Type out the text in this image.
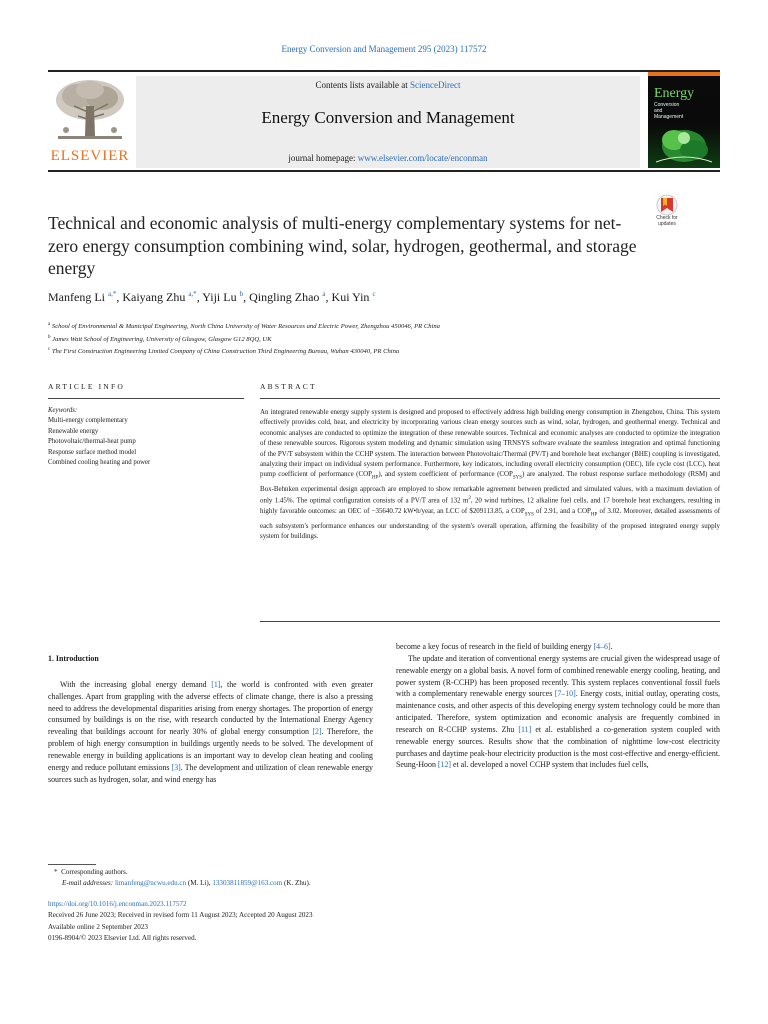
Energy Conversion and Management 295 (2023) 117572
ELSEVIER
Contents lists available at ScienceDirect
Energy Conversion and Management
journal homepage: www.elsevier.com/locate/enconman
Energy
Conversion
and
Management
Check for
updates
Technical and economic analysis of multi-energy complementary systems for net-zero energy consumption combining wind, solar, hydrogen, geothermal, and storage energy
Manfeng Li $^{a,*}$, Kaiyang Zhu $^{a,*}$, Yiji Lu $^b$, Qingling Zhao $^a$, Kui Yin $^c$
$^a$ School of Environmental & Municipal Engineering, North China University of Water Resources and Electric Power, Zhengzhou 450046, PR China
$^b$ James Watt School of Engineering, University of Glasgow, Glasgow G12 8QQ, UK
$^c$ The First Construction Engineering Limited Company of China Construction Third Engineering Bureau, Wuhan 430040, PR China
ARTICLE INFO	ABSTRACT
Keywords:
Multi-energy complementary
Renewable energy
Photovoltaic/thermal-heat pump
Response surface method model
Combined cooling heating and power
An integrated renewable energy supply system is designed and proposed to effectively address high building energy consumption in Zhengzhou, China. This system effectively provides cold, heat, and electricity by incorporating various clean energy sources such as wind, solar, hydrogen, and geothermal energy. Technical and economic analyses are conducted to optimize the integration of these renewable sources. Technical and economic analyses are conducted to optimize the integration of these renewable sources. Rigorous system modeling and dynamic simulation using TRNSYS software evaluate the seamless integration and optimal functioning of the PV/T subsystem within the CCHP system. The interaction between Photovoltaic/Thermal (PV/T) and borehole heat exchanger (BHE) coupling is investigated, analyzing their impact on individual system performance. Furthermore, key indicators, including overall electricity consumption (OEC), life cycle cost (LCC), heat pump coefficient of performance $(COP_{HP})$, and system coefficient of performance $(COP_{SYS})$ are analyzed. The robust response surface methodology (RSM) and Box-Behnken experimental design approach are employed to show remarkable agreement between predicted and simulated values, with a maximum deviation of only 1.45%. The optimal configuration consists of a PV/T area of 132 $m^2$, 20 wind turbines, 12 alkaline fuel cells, and 17 borehole heat exchangers, resulting in highly favorable outcomes: an OEC of −35640.72 kW•h/year, an LCC of $209113.85, a $COP_{SYS}$ of 2.91, and a $COP_{HP}$ of 3.02. Moreover, detailed assessments of each subsystem's performance enhances our understanding of the system's overall operation, affirming the feasibility of the proposed integrated energy supply system for buildings.
1. Introduction

With the increasing global energy demand [1], the world is confronted with even greater challenges. Apart from grappling with the adverse effects of climate change, there is also a pressing need to address the developmental disparities arising from energy shortages. The proportion of energy consumed by buildings is on the rise, with research conducted by the International Energy Agency revealing that buildings account for nearly 30% of global energy consumption [2]. Therefore, the problem of high energy consumption in buildings urgently needs to be solved. The development of renewable energy in building applications is an important way to develop clean heating and cooling energy and reduce pollutant emissions [3]. The development and utilization of clean renewable energy sources such as hydrogen, solar, and wind energy has

become a key focus of research in the field of building energy [4–6].

The update and iteration of conventional energy systems are crucial given the widespread usage of renewable energy on a global basis. A novel form of combined renewable energy cooling, heating, and power system (R-CCHP) has been proposed recently. This system replaces conventional fossil fuels with a complementary renewable energy sources [7–10]. Energy costs, initial outlay, operating costs, maintenance costs, and other aspects of this developing energy system technology could be more than anticipated. Therefore, system optimization and economic analysis are frequently combined in research on R-CCHP systems. Zhu [11] et al. established a co-generation system coupled with renewable energy sources. Results show that the combination of nighttime low-cost electricity purchases and daytime peak-hour electricity production is the most cost-effective and energy-efficient. Seung-Hoon [12] et al. developed a novel CCHP system that includes fuel cells,

*  Corresponding authors.
E-mail addresses: limanfeng@ncwu.edu.cn (M. Li), 13303811859@163.com (K. Zhu).
https://doi.org/10.1016/j.enconman.2023.117572
Received 26 June 2023; Received in revised form 11 August 2023; Accepted 20 August 2023
Available online 2 September 2023
0196-8904/© 2023 Elsevier Ltd. All rights reserved.
